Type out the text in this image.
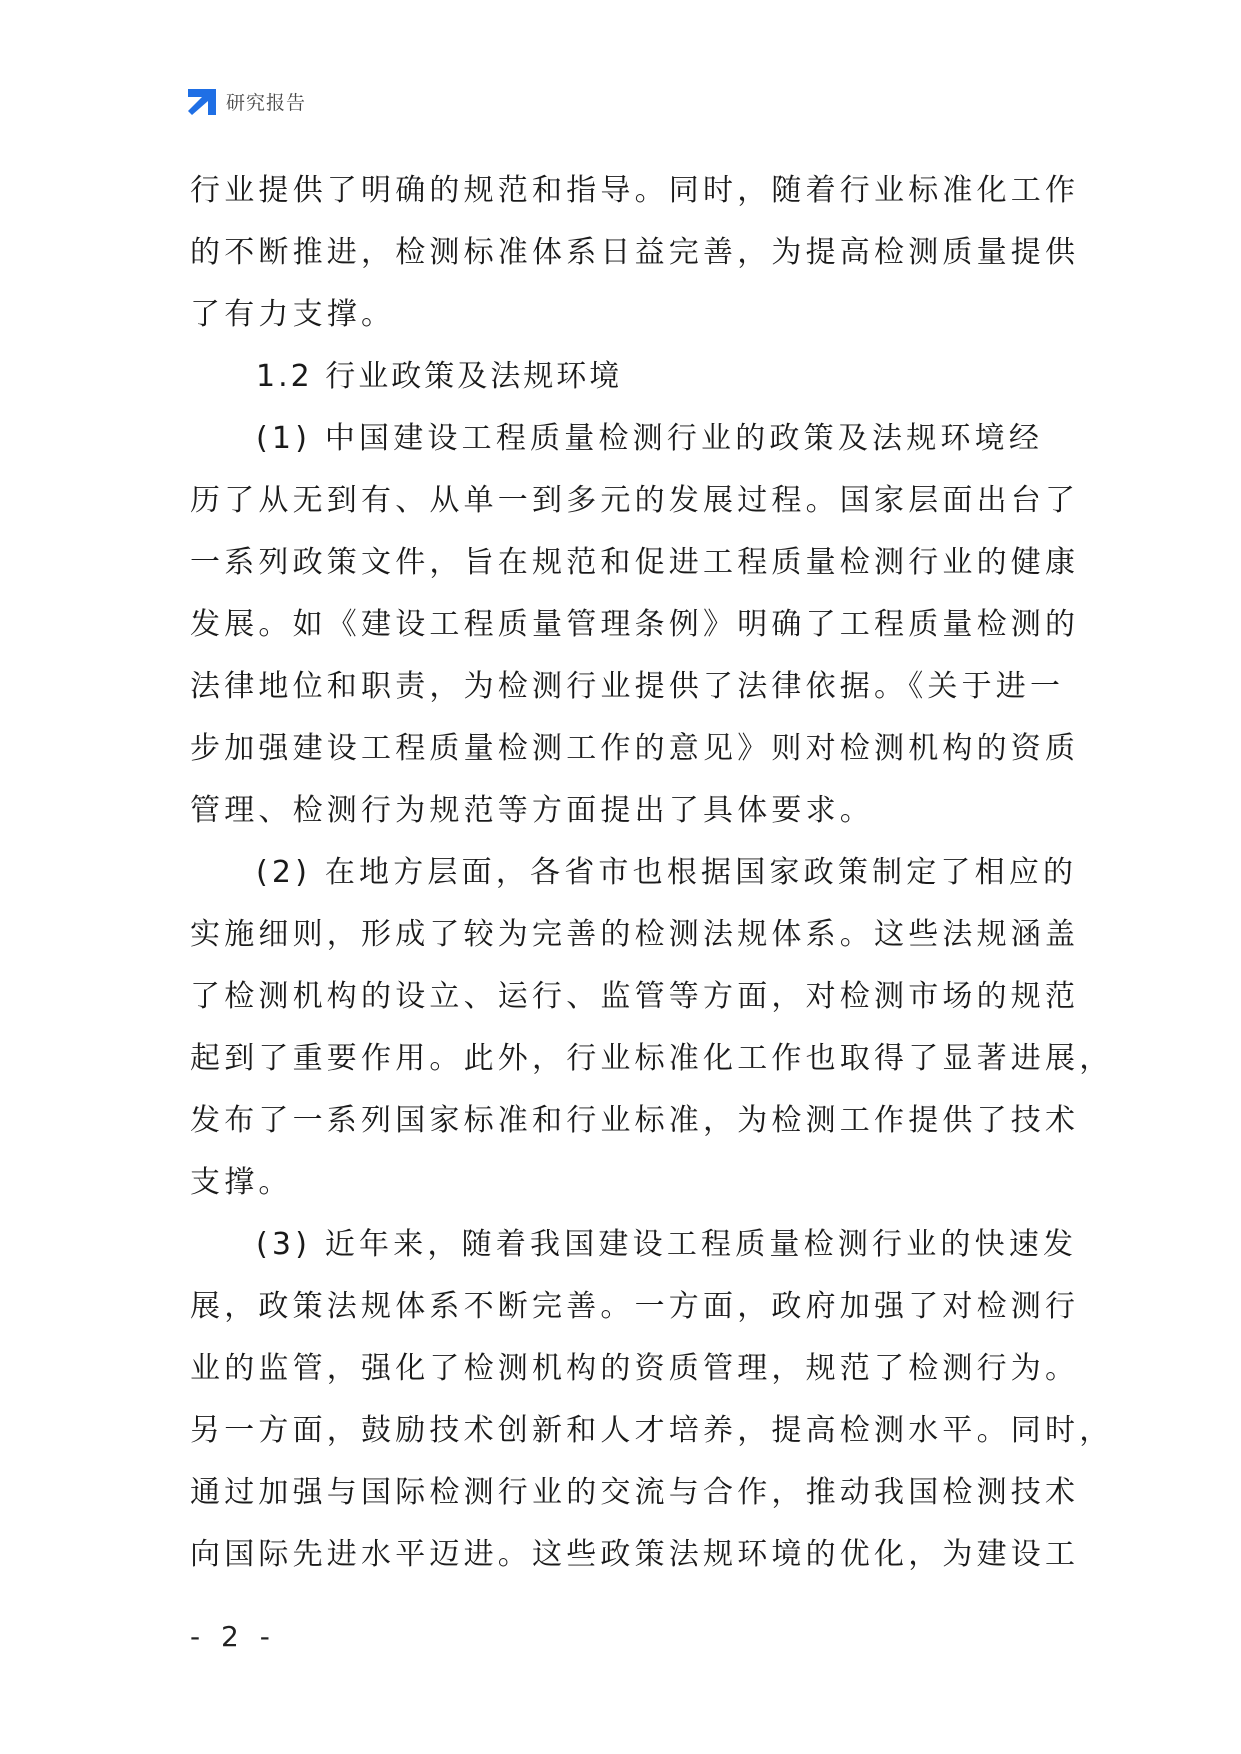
研究报告
行业提供了明确的规范和指导。同时，随着行业标准化工作
的不断推进，检测标准体系日益完善，为提高检测质量提供
了有力支撑。
1.2 行业政策及法规环境
(1) 中国建设工程质量检测行业的政策及法规环境经
历了从无到有、从单一到多元的发展过程。国家层面出台了
一系列政策文件，旨在规范和促进工程质量检测行业的健康
发展。如《建设工程质量管理条例》明确了工程质量检测的
法律地位和职责，为检测行业提供了法律依据。《关于进一
步加强建设工程质量检测工作的意见》则对检测机构的资质
管理、检测行为规范等方面提出了具体要求。
(2) 在地方层面，各省市也根据国家政策制定了相应的
实施细则，形成了较为完善的检测法规体系。这些法规涵盖
了检测机构的设立、运行、监管等方面，对检测市场的规范
起到了重要作用。此外，行业标准化工作也取得了显著进展，
发布了一系列国家标准和行业标准，为检测工作提供了技术
支撑。
(3) 近年来，随着我国建设工程质量检测行业的快速发
展，政策法规体系不断完善。一方面，政府加强了对检测行
业的监管，强化了检测机构的资质管理，规范了检测行为。
另一方面，鼓励技术创新和人才培养，提高检测水平。同时，
通过加强与国际检测行业的交流与合作，推动我国检测技术
向国际先进水平迈进。这些政策法规环境的优化，为建设工
- 2 -
